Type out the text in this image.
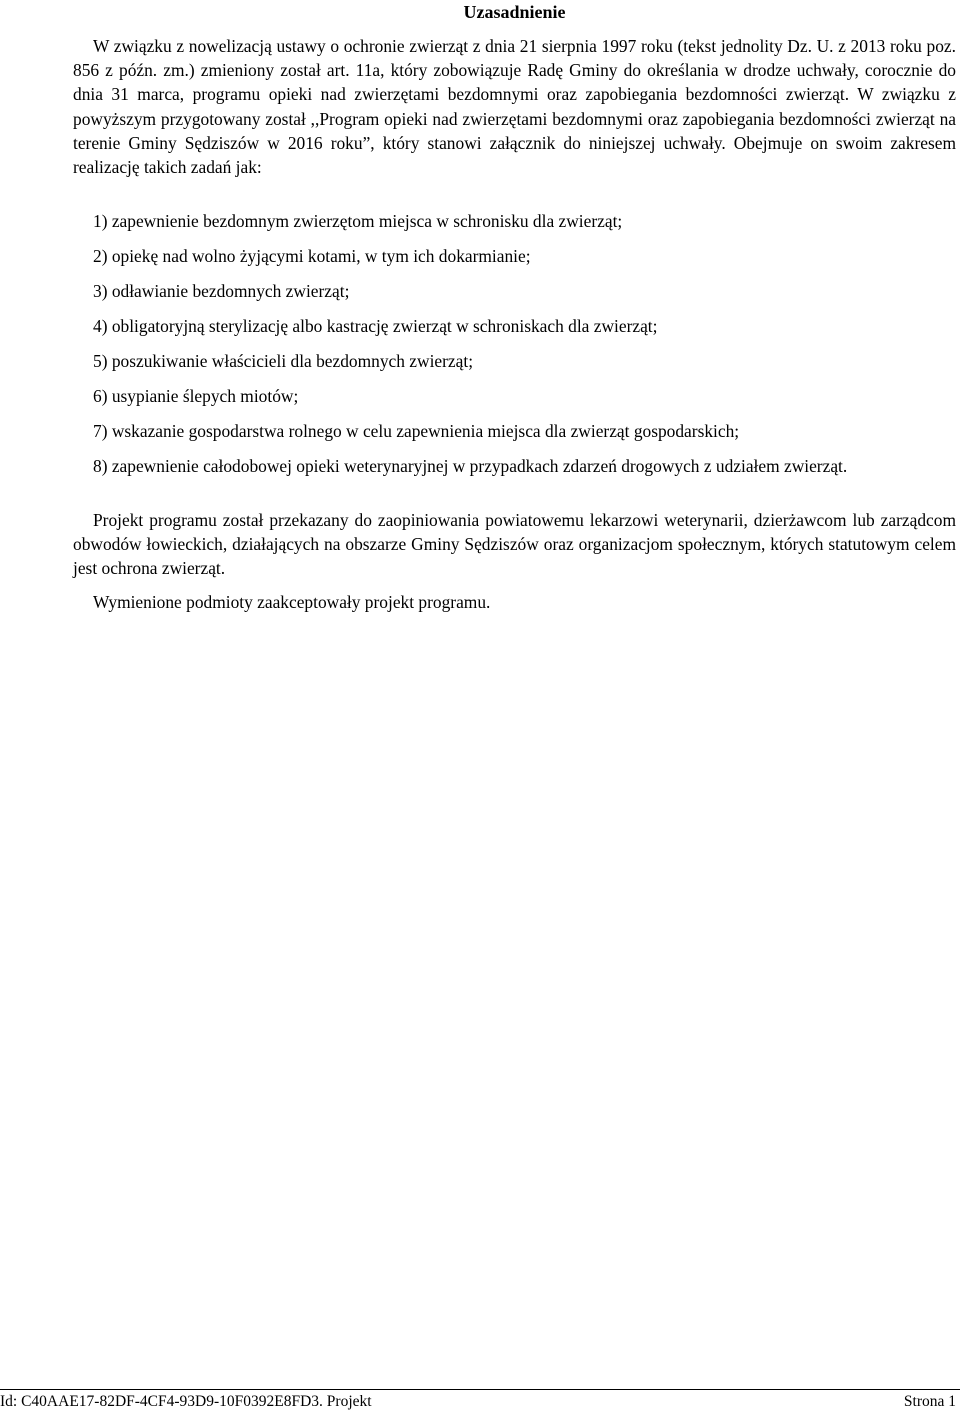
Uzasadnienie

W związku z nowelizacją ustawy o ochronie zwierząt z dnia 21 sierpnia 1997 roku (tekst jednolity Dz. U. z 2013 roku poz. 856 z późn. zm.) zmieniony został art. 11a, który zobowiązuje Radę Gminy do określania w drodze uchwały, corocznie do dnia 31 marca, programu opieki nad zwierzętami bezdomnymi oraz zapobiegania bezdomności zwierząt. W związku z powyższym przygotowany został ,,Program opieki nad zwierzętami bezdomnymi oraz zapobiegania bezdomności zwierząt na terenie Gminy Sędziszów w 2016 roku”, który stanowi załącznik do niniejszej uchwały. Obejmuje on swoim zakresem realizację takich zadań jak:

1) zapewnienie bezdomnym zwierzętom miejsca w schronisku dla zwierząt;
2) opiekę nad wolno żyjącymi kotami, w tym ich dokarmianie;
3) odławianie bezdomnych zwierząt;
4) obligatoryjną sterylizację albo kastrację zwierząt w schroniskach dla zwierząt;
5) poszukiwanie właścicieli dla bezdomnych zwierząt;
6) usypianie ślepych miotów;
7) wskazanie gospodarstwa rolnego w celu zapewnienia miejsca dla zwierząt gospodarskich;
8) zapewnienie całodobowej opieki weterynaryjnej w przypadkach zdarzeń drogowych z udziałem zwierząt.

Projekt programu został przekazany do zaopiniowania powiatowemu lekarzowi weterynarii, dzierżawcom lub zarządcom obwodów łowieckich, działających na obszarze Gminy Sędziszów oraz organizacjom społecznym, których statutowym celem jest ochrona zwierząt.

Wymienione podmioty zaakceptowały projekt programu.

Id: C40AAE17-82DF-4CF4-93D9-10F0392E8FD3. Projekt	Strona 1
